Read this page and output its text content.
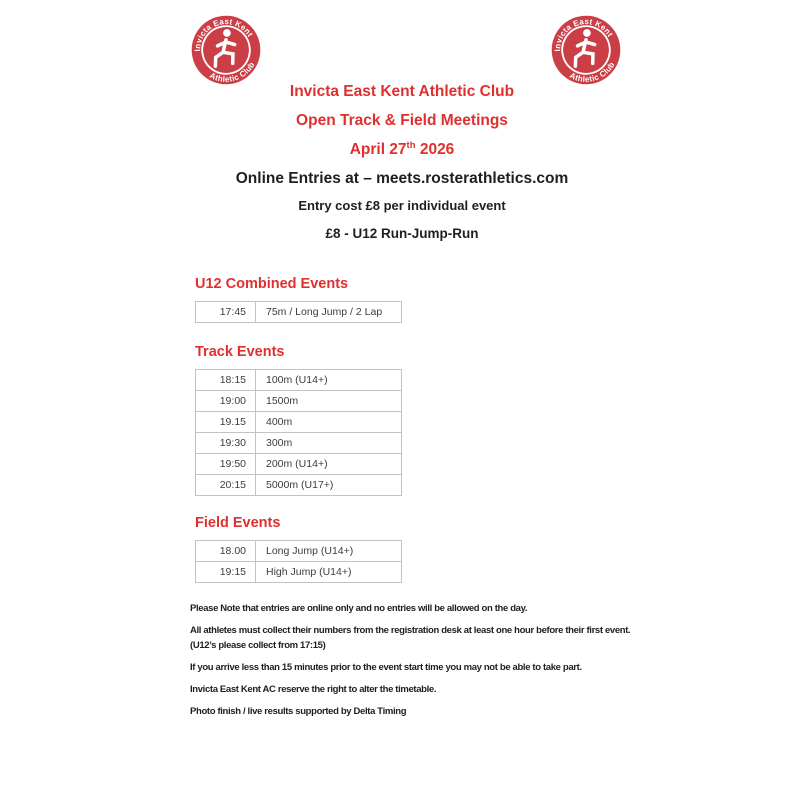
Invicta East Kent
Athletic Club
Invicta East Kent
Athletic Club
Invicta East Kent Athletic Club
Open Track & Field Meetings
April 27th 2026
Online Entries at – meets.rosterathletics.com
Entry cost £8 per individual event
£8 - U12 Run-Jump-Run
U12 Combined Events
17:45	75m / Long Jump / 2 Lap
Track Events
18:15	100m (U14+)
19:00	1500m
19.15	400m
19:30	300m
19:50	200m (U14+)
20:15	5000m (U17+)
Field Events
18.00	Long Jump (U14+)
19:15	High Jump (U14+)

Please Note that entries are online only and no entries will be allowed on the day.

All athletes must collect their numbers from the registration desk at least one hour before their first event. (U12’s please collect from 17:15)

If you arrive less than 15 minutes prior to the event start time you may not be able to take part.

Invicta East Kent AC reserve the right to alter the timetable.

Photo finish / live results supported by Delta Timing
